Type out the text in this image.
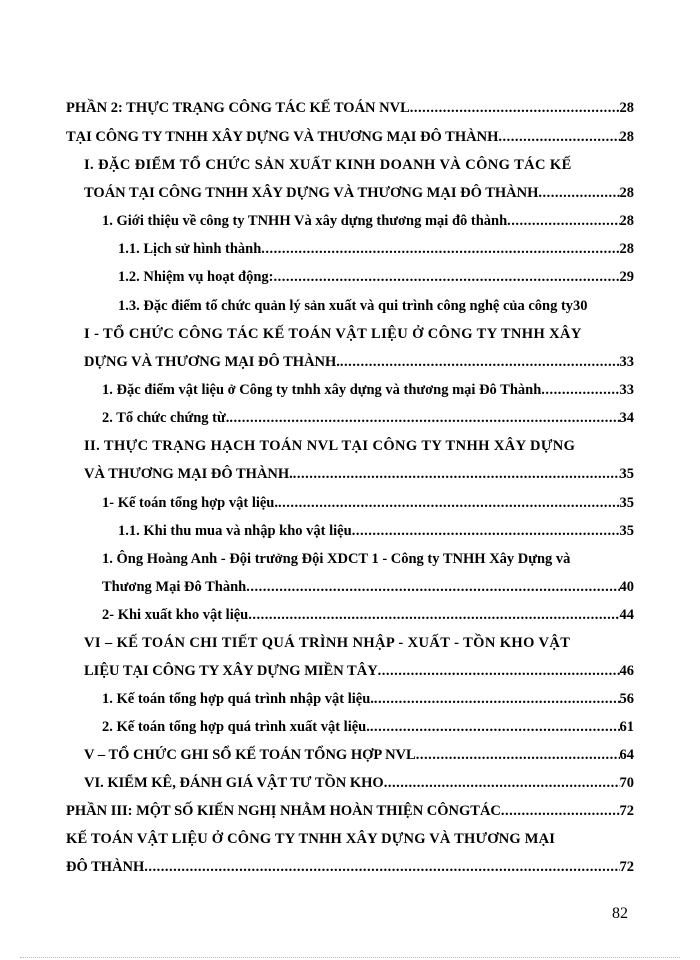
PHẦN 2: THỰC TRẠNG CÔNG TÁC KẾ TOÁN NVL .....	28
TẠI CÔNG TY TNHH XÂY DỰNG VÀ THƯƠNG MẠI ĐÔ THÀNH .....	28
I. ĐẶC ĐIỂM TỔ CHỨC SẢN XUẤT KINH DOANH VÀ CÔNG TÁC KẾ
TOÁN TẠI CÔNG TNHH XÂY DỰNG VÀ THƯƠNG MẠI ĐÔ THÀNH .....	28
1. Giới thiệu về công ty TNHH Và xây dựng thương mại đô thành .....	28
1.1. Lịch sử hình thành .....	28
1.2. Nhiệm vụ hoạt động: .....	29
1.3. Đặc điểm tổ chức quản lý sản xuất và qui trình công nghệ của công ty 30
I - TỔ CHỨC CÔNG TÁC KẾ TOÁN VẬT LIỆU Ở CÔNG TY TNHH XÂY
DỰNG VÀ THƯƠNG MẠI ĐÔ THÀNH. .....	33
1. Đặc điểm vật liệu ở Công ty tnhh xây dựng và thương mại Đô Thành .....	33
2. Tổ chức chứng từ. .....	34
II. THỰC TRẠNG HẠCH TOÁN NVL TẠI CÔNG TY TNHH XÂY DỰNG
VÀ THƯƠNG MẠI ĐÔ THÀNH. .....	35
1- Kế toán tổng hợp vật liệu. .....	35
1.1. Khi thu mua và nhập kho vật liệu .....	35
1. Ông Hoàng Anh - Đội trưởng Đội XDCT 1 - Công ty TNHH Xây Dựng và
Thương Mại Đô Thành .....	40
2- Khi xuất kho vật liệu .....	44
VI – KẾ TOÁN CHI TIẾT QUÁ TRÌNH NHẬP - XUẤT - TỒN KHO VẬT
LIỆU TẠI CÔNG TY XÂY DỰNG MIỀN TÂY .....	46
1. Kế toán tổng hợp quá trình nhập vật liệu. .....	56
2. Kế toán tổng hợp quá trình xuất vật liệu. .....	61
V – TỔ CHỨC GHI SỔ KẾ TOÁN TỔNG HỢP NVL .....	64
VI. KIỂM KÊ, ĐÁNH GIÁ VẬT TƯ TỒN KHO .....	70
PHẦN III: MỘT SỐ KIẾN NGHỊ NHẰM HOÀN THIỆN CÔNGTÁC .....	72
KẾ TOÁN VẬT LIỆU Ở CÔNG TY TNHH XÂY DỰNG VÀ THƯƠNG MẠI
ĐÔ THÀNH .....	72
82
